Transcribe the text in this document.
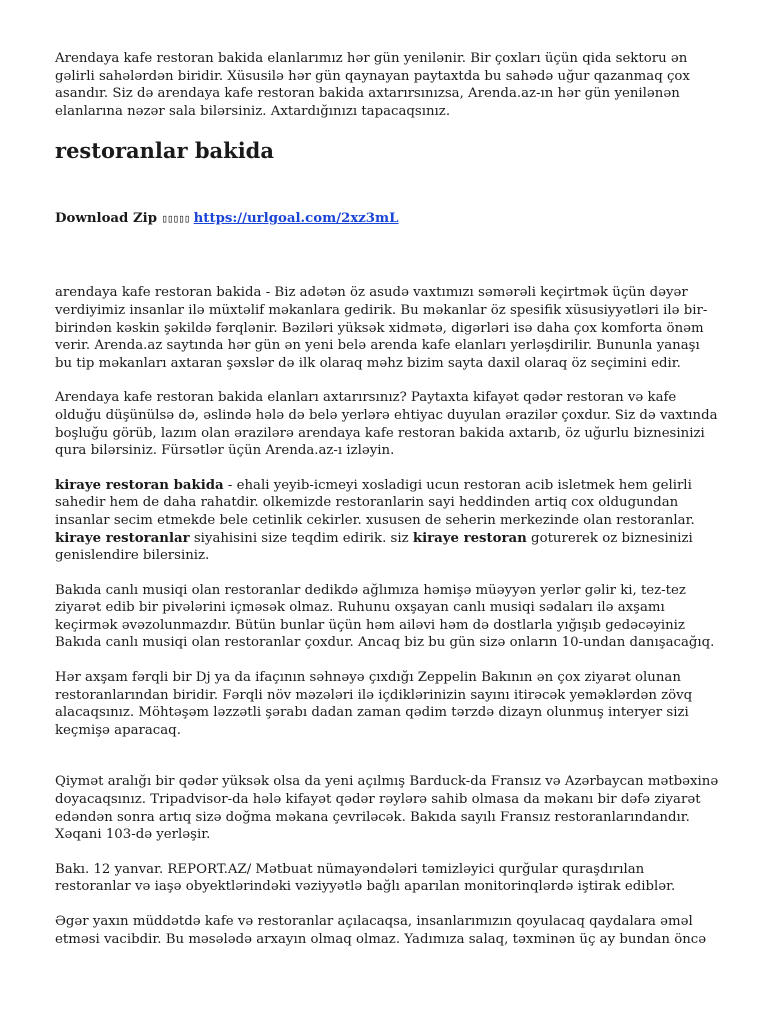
Arendaya kafe restoran bakida elanlarımız hər gün yenilənir. Bir çoxları üçün qida sektoru ən gəlirli sahələrdən biridir. Xüsusilə hər gün qaynayan paytaxtda bu sahədə uğur qazanmaq çox asandır. Siz də arendaya kafe restoran bakida axtarırsınızsa, Arenda.az-ın hər gün yenilənən elanlarına nəzər sala bilərsiniz. Axtardığınızı tapacaqsınız.

restoranlar bakida
Download Zip ▯▯▯▯▯ https://urlgoal.com/2xz3mL

arendaya kafe restoran bakida - Biz adətən öz asudə vaxtımızı səmərəli keçirtmək üçün dəyər verdiyimiz insanlar ilə müxtəlif məkanlara gedirik. Bu məkanlar öz spesifik xüsusiyyətləri ilə bir-birindən kəskin şəkildə fərqlənir. Bəziləri yüksək xidmətə, digərləri isə daha çox komforta önəm verir. Arenda.az saytında hər gün ən yeni belə arenda kafe elanları yerləşdirilir. Bununla yanaşı bu tip məkanları axtaran şəxslər də ilk olaraq məhz bizim sayta daxil olaraq öz seçimini edir.

Arendaya kafe restoran bakida elanları axtarırsınız? Paytaxta kifayət qədər restoran və kafe olduğu düşünülsə də, əslində hələ də belə yerlərə ehtiyac duyulan ərazilər çoxdur. Siz də vaxtında boşluğu görüb, lazım olan ərazilərə arendaya kafe restoran bakida axtarıb, öz uğurlu biznesinizi qura bilərsiniz. Fürsətlər üçün Arenda.az-ı izləyin.

kiraye restoran bakida - ehali yeyib-icmeyi xosladigi ucun restoran acib isletmek hem gelirli sahedir hem de daha rahatdir. olkemizde restoranlarin sayi heddinden artiq cox oldugundan insanlar secim etmekde bele cetinlik cekirler. xususen de seherin merkezinde olan restoranlar. kiraye restoranlar siyahisini size teqdim edirik. siz kiraye restoran goturerek oz biznesinizi genislendire bilersiniz.

Bakıda canlı musiqi olan restoranlar dedikdə ağlımıza həmişə müəyyən yerlər gəlir ki, tez-tez ziyarət edib bir pivələrini içməsək olmaz. Ruhunu oxşayan canlı musiqi sədaları ilə axşamı keçirmək əvəzolunmazdır. Bütün bunlar üçün həm ailəvi həm də dostlarla yığışıb gedəcəyiniz Bakıda canlı musiqi olan restoranlar çoxdur. Ancaq biz bu gün sizə onların 10-undan danışacağıq.

Hər axşam fərqli bir Dj ya da ifaçının səhnəyə çıxdığı Zeppelin Bakının ən çox ziyarət olunan restoranlarından biridir. Fərqli növ məzələri ilə içdiklərinizin sayını itirəcək yeməklərdən zövq alacaqsınız. Möhtəşəm ləzzətli şərabı dadan zaman qədim tərzdə dizayn olunmuş interyer sizi keçmişə aparacaq.

Qiymət aralığı bir qədər yüksək olsa da yeni açılmış Barduck-da Fransız və Azərbaycan mətbəxinə doyacaqsınız. Tripadvisor-da hələ kifayət qədər rəylərə sahib olmasa da məkanı bir dəfə ziyarət edəndən sonra artıq sizə doğma məkana çevriləcək. Bakıda sayılı Fransız restoranlarındandır. Xəqani 103-də yerləşir.

Bakı. 12 yanvar. REPORT.AZ/ Mətbuat nümayəndələri təmizləyici qurğular quraşdırılan restoranlar və iaşə obyektlərindəki vəziyyətlə bağlı aparılan monitorinqlərdə iştirak ediblər.

Əgər yaxın müddətdə kafe və restoranlar açılacaqsa, insanlarımızın qoyulacaq qaydalara əməl etməsi vacibdir. Bu məsələdə arxayın olmaq olmaz. Yadımıza salaq, təxminən üç ay bundan öncə
